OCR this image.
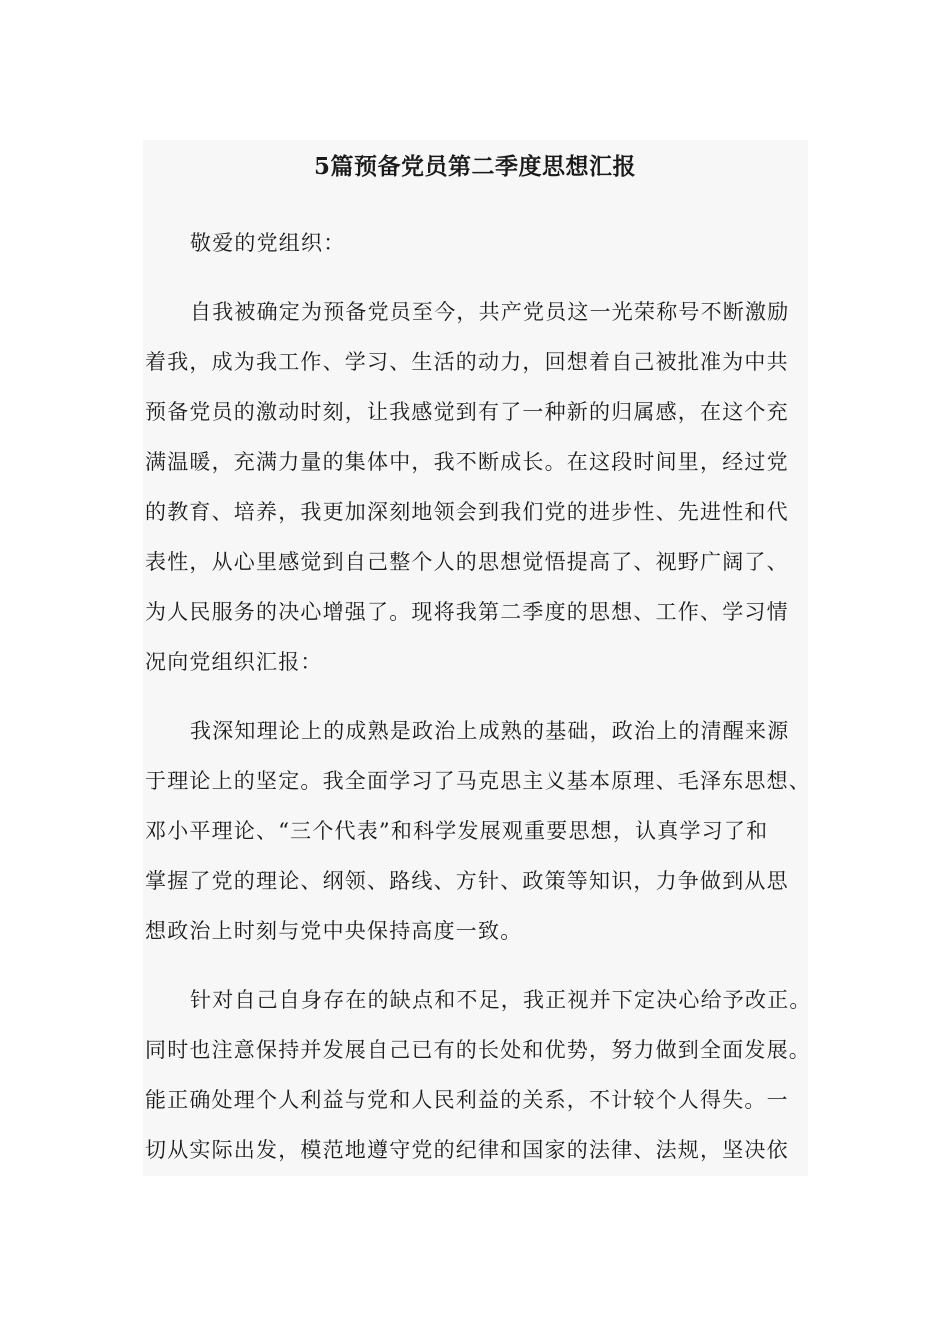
5篇预备党员第二季度思想汇报
敬爱的党组织：
自我被确定为预备党员至今，共产党员这一光荣称号不断激励
着我，成为我工作、学习、生活的动力，回想着自己被批准为中共
预备党员的激动时刻，让我感觉到有了一种新的归属感，在这个充
满温暖，充满力量的集体中，我不断成长。在这段时间里，经过党
的教育、培养，我更加深刻地领会到我们党的进步性、先进性和代
表性，从心里感觉到自己整个人的思想觉悟提高了、视野广阔了、
为人民服务的决心增强了。现将我第二季度的思想、工作、学习情
况向党组织汇报：
我深知理论上的成熟是政治上成熟的基础，政治上的清醒来源
于理论上的坚定。我全面学习了马克思主义基本原理、毛泽东思想、
邓小平理论、“三个代表”和科学发展观重要思想，认真学习了和
掌握了党的理论、纲领、路线、方针、政策等知识，力争做到从思
想政治上时刻与党中央保持高度一致。
针对自己自身存在的缺点和不足，我正视并下定决心给予改正。
同时也注意保持并发展自己已有的长处和优势，努力做到全面发展。
能正确处理个人利益与党和人民利益的关系，不计较个人得失。一
切从实际出发，模范地遵守党的纪律和国家的法律、法规，坚决依
